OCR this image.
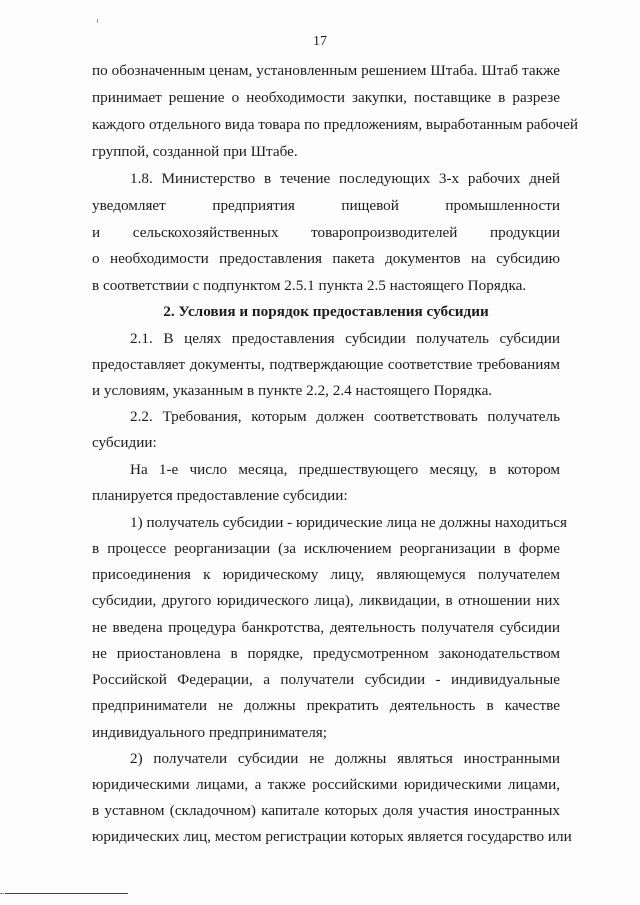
17
по обозначенным ценам, установленным решением Штаба. Штаб также
принимает решение о необходимости закупки, поставщике в разрезе
каждого отдельного вида товара по предложениям, выработанным рабочей
группой, созданной при Штабе.
1.8. Министерство в течение последующих 3-х рабочих дней
уведомляет предприятия пищевой промышленности
и сельскохозяйственных товаропроизводителей продукции
о необходимости предоставления пакета документов на субсидию
в соответствии с подпунктом 2.5.1 пункта 2.5 настоящего Порядка.
2. Условия и порядок предоставления субсидии
2.1. В целях предоставления субсидии получатель субсидии
предоставляет документы, подтверждающие соответствие требованиям
и условиям, указанным в пункте 2.2, 2.4 настоящего Порядка.
2.2. Требования, которым должен соответствовать получатель
субсидии:
На 1-е число месяца, предшествующего месяцу, в котором
планируется предоставление субсидии:
1) получатель субсидии - юридические лица не должны находиться
в процессе реорганизации (за исключением реорганизации в форме
присоединения к юридическому лицу, являющемуся получателем
субсидии, другого юридического лица), ликвидации, в отношении них
не введена процедура банкротства, деятельность получателя субсидии
не приостановлена в порядке, предусмотренном законодательством
Российской Федерации, а получатели субсидии - индивидуальные
предприниматели не должны прекратить деятельность в качестве
индивидуального предпринимателя;
2) получатели субсидии не должны являться иностранными
юридическими лицами, а также российскими юридическими лицами,
в уставном (складочном) капитале которых доля участия иностранных
юридических лиц, местом регистрации которых является государство или
